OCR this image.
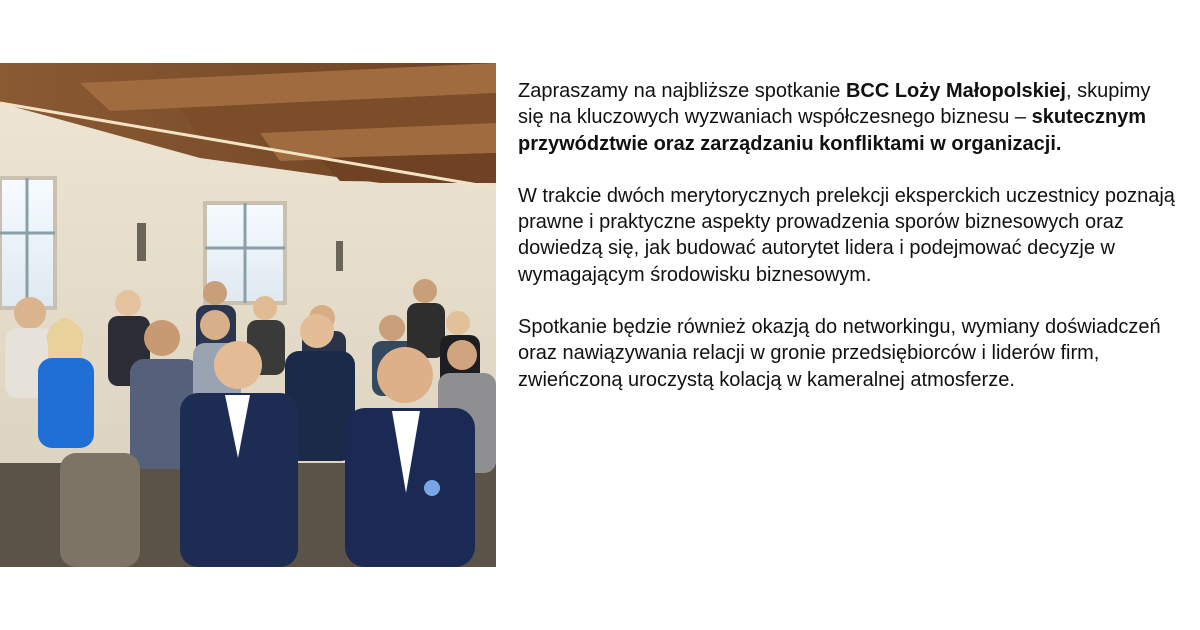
Zapraszamy na najbliższe spotkanie BCC Loży Małopolskiej, skupimy się na kluczowych wyzwaniach współczesnego biznesu – skutecznym przywództwie oraz zarządzaniu konfliktami w organizacji.

W trakcie dwóch merytorycznych prelekcji eksperckich uczestnicy poznają prawne i praktyczne aspekty prowadzenia sporów biznesowych oraz dowiedzą się, jak budować autorytet lidera i podejmować decyzje w wymagającym środowisku biznesowym.

Spotkanie będzie również okazją do networkingu, wymiany doświadczeń oraz nawiązywania relacji w gronie przedsiębiorców i liderów firm, zwieńczoną uroczystą kolacją w kameralnej atmosferze.
